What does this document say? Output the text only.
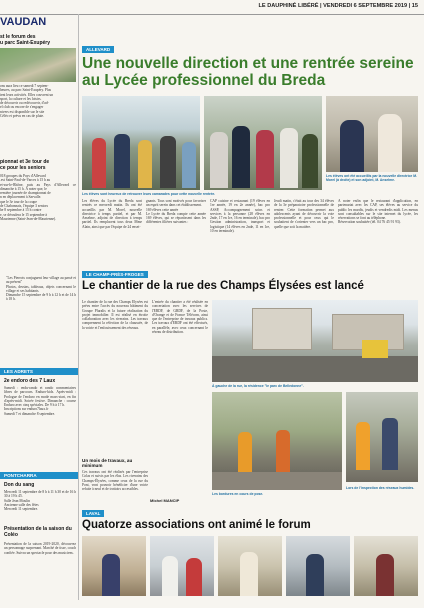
LE DAUPHINÉ LIBÉRÉ | VENDREDI 6 SEPTEMBRE 2019 | 15
VAUDAN
st le forum des
u parc Saint-Exupéry
ons aura lieu ce samedi 7 septem-
heures, au parc Saint-Exupéry. Plus
ient leurs activités. Elles couvrent un
sport, la culture et les loisirs.
de découvrir ou redécouvrir, d'ad-
el club ou encore de s'engager
nivers est disponible sur le site
Céléo et prévu en cas de pluie.
pionnat et 3e tour de
ce pour les seniors
018 groupes du Pays d'Allevard
.est Saint-Paul-de-Varces à 15 h au
et-sur-le-Rhône, puis au Pays d'Allevard ce dimanche à 15 h. À noter que, le
remière journée de championnat de
n en déplacement à Sarvalle.
que le 3e tour de la coupe
de Chabonnais, l'équipe 3 seniors
he 8 septembre à 15 h contre
e, se déroulera le 15 septembre à
Maurienne (Saint-Jean-de-Maurienne).
"Les Pierrots conjuguent leur village au passé et au présent"
Photos, dessins, tableaux, objets concernant le village et ses habitants.
Dimanche 15 septembre de 9 h à 12 h et de 14 h à 18 h.
LES ADRETS
2e endoro des 7 Laux
Samedi : endu-rando et rando commentaires libres de parcours. Enduro-kids. Après-midi : Prologue de l'enduro en mode mass-start, en fin d'après-midi. Soirée festive. Dimanche : course Enduro avec cinq spéciales. De 9 h à 17 h.
Inscriptions sur enduro7laux.fr
Samedi 7 et dimanche 8 septembre.
PONTCHARRA
Don du sang
Mercredi 11 septembre de 8 h à 11 h 30 et de 16 h 30 à 19 h 45.
Salle Jean Moulin
Ancienne salle des fêtes
Mercredi 11 septembre.
Présentation de la saison du Coléo
Présentation de la saison 2019-2020, découvrez un personnage surprenant. Marché de tisse, coach confiée. Suivra un spectacle pour des musiciens.
ALLEVARD
Une nouvelle direction et une rentrée sereine au Lycée professionnel du Breda
Les élèves sont heureux de retrouver leurs camarades pour cette nouvelle rentrée.
Les élèves ont été accueillis par la nouvelle directrice M. Morel (à droite) et son adjoint, M. Anselme.
Les élèves du Lycée du Breda sont rentrés ce mercredi matin. Ils ont été accueillis par M. Morel, nouvelle directrice à temps partiel, et par M. Anselme, adjoint de direction à temps partiel. Ils remplacent tous deux Mme Alain, ainsi que par l'équipe de 24 ensei-
gnants. Tous sont motivés pour favoriser un esprit serein dans cet établissement.
169 élèves cette année
Le Lycée du Breda compte cette année 169 élèves, qui se répartissent dans les différentes filières suivantes :
CAP cuisine et restaurant (19 élèves en 1re année, 19 en 2e année), bac pro ASSP, Accompagnement soins et services à la personne (28 élèves en 2nde, 17 en 1re, 16 en terminale), bac pro Gestion administration, transport et logistique (14 élèves en 2nde, 11 en 1re, 10 en terminale).
Jeudi matin, c'était au tour des 34 élèves de la 3e préparatoire professionnelle de rentrer. Cette formation permet aux adolescents ayant de découvrir la voie professionnelle et pour ceux qui le souhaitent de s'orienter vers un bac pro, quelle que soit la matière.
À noter enfin que le restaurant d'application, en partenariat avec les CAP, ses élèves au service du public les mardis, jeudis et vendredis midi. Les menus sont consultables sur le site internet du lycée, les réservations se font au téléphone.
Réservation souhaitée (tél. 04 76 45 91 93).
LE CHAMP-PRÈS-FROGES
Le chantier de la rue des Champs Élysées est lancé
Le chantier de la rue des Champs Élysées est prévu entre l'accès du nouveau bâtiment du Groupe Pluralis et la future réalisation du projet immobilier. Il est réalisé en étroite collaboration avec les riverains. Les travaux comprennent la réfection de la chaussée, de la voirie et l'enfouissement des réseaux.
Un mois de travaux, au minimum
L'entrée du chantier a été réalisée en concertation avec les services de l'ERDF, de GRDF, de la Poste, d'Orange et de France Télécom, ainsi que de l'entreprise de travaux publics. Les travaux d'ERDF ont été effectués, en parallèle, avec ceux concernant le réseau de distribution.
Ces travaux ont été réalisés par l'entreprise Colas et suivis par les élus. Les riverains des Champs-Élysées, comme ceux de la rue du Pont, vont pouvoir bénéficier d'une voirie refaite à neuf et de trottoirs accessibles.
À gauche de la rue, la résidence "le parc de Belledonne".
Les bordures en cours de pose.
Michel MANCIP
Lors de l'inspection des réseaux humides.
LAVAL
Quatorze associations ont animé le forum
